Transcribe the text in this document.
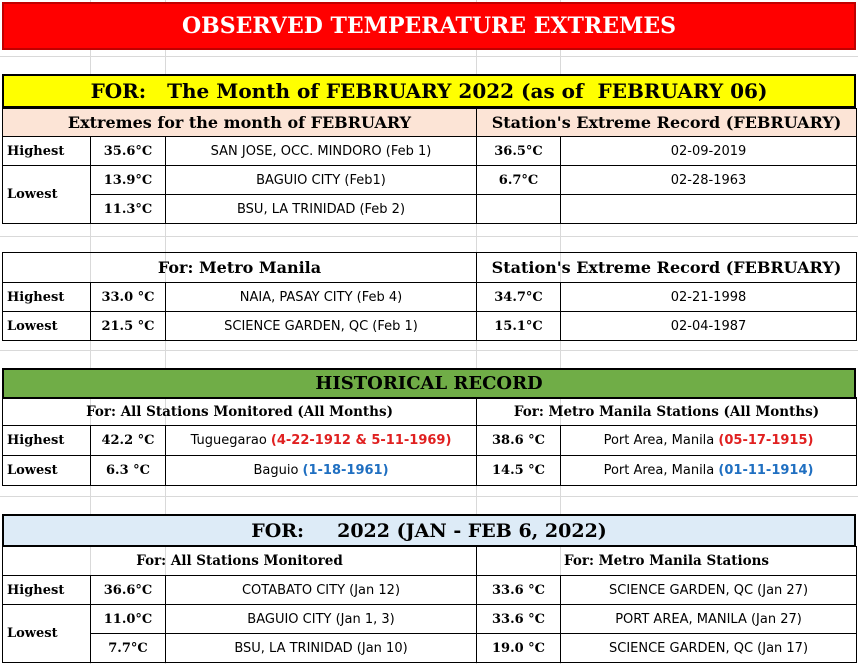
OBSERVED TEMPERATURE EXTREMES
FOR:   The Month of FEBRUARY 2022 (as of  FEBRUARY 06)
Extremes for the month of FEBRUARY			Station's Extreme Record (FEBRUARY)	
Highest	35.6°C	SAN JOSE, OCC. MINDORO (Feb 1)	36.5°C	02-09-2019
Lowest	13.9°C	BAGUIO CITY (Feb1)	6.7°C	02-28-1963
	11.3°C	BSU, LA TRINIDAD (Feb 2)		
For: Metro Manila			Station's Extreme Record (FEBRUARY)	
Highest	33.0 °C	NAIA, PASAY CITY (Feb 4)	34.7°C	02-21-1998
Lowest	21.5 °C	SCIENCE GARDEN, QC (Feb 1)	15.1°C	02-04-1987
HISTORICAL RECORD
For: All Stations Monitored (All Months)			For: Metro Manila Stations (All Months)	
Highest	42.2 °C	Tuguegarao (4-22-1912 & 5-11-1969)	38.6 °C	Port Area, Manila (05-17-1915)
Lowest	6.3 °C	Baguio (1-18-1961)	14.5 °C	Port Area, Manila (01-11-1914)
FOR:     2022 (JAN - FEB 6, 2022)
For: All Stations Monitored			For: Metro Manila Stations	
Highest	36.6°C	COTABATO CITY (Jan 12)	33.6 °C	SCIENCE GARDEN, QC (Jan 27)
Lowest	11.0°C	BAGUIO CITY (Jan 1, 3)	33.6 °C	PORT AREA, MANILA (Jan 27)
	7.7°C	BSU, LA TRINIDAD (Jan 10)	19.0 °C	SCIENCE GARDEN, QC (Jan 17)
